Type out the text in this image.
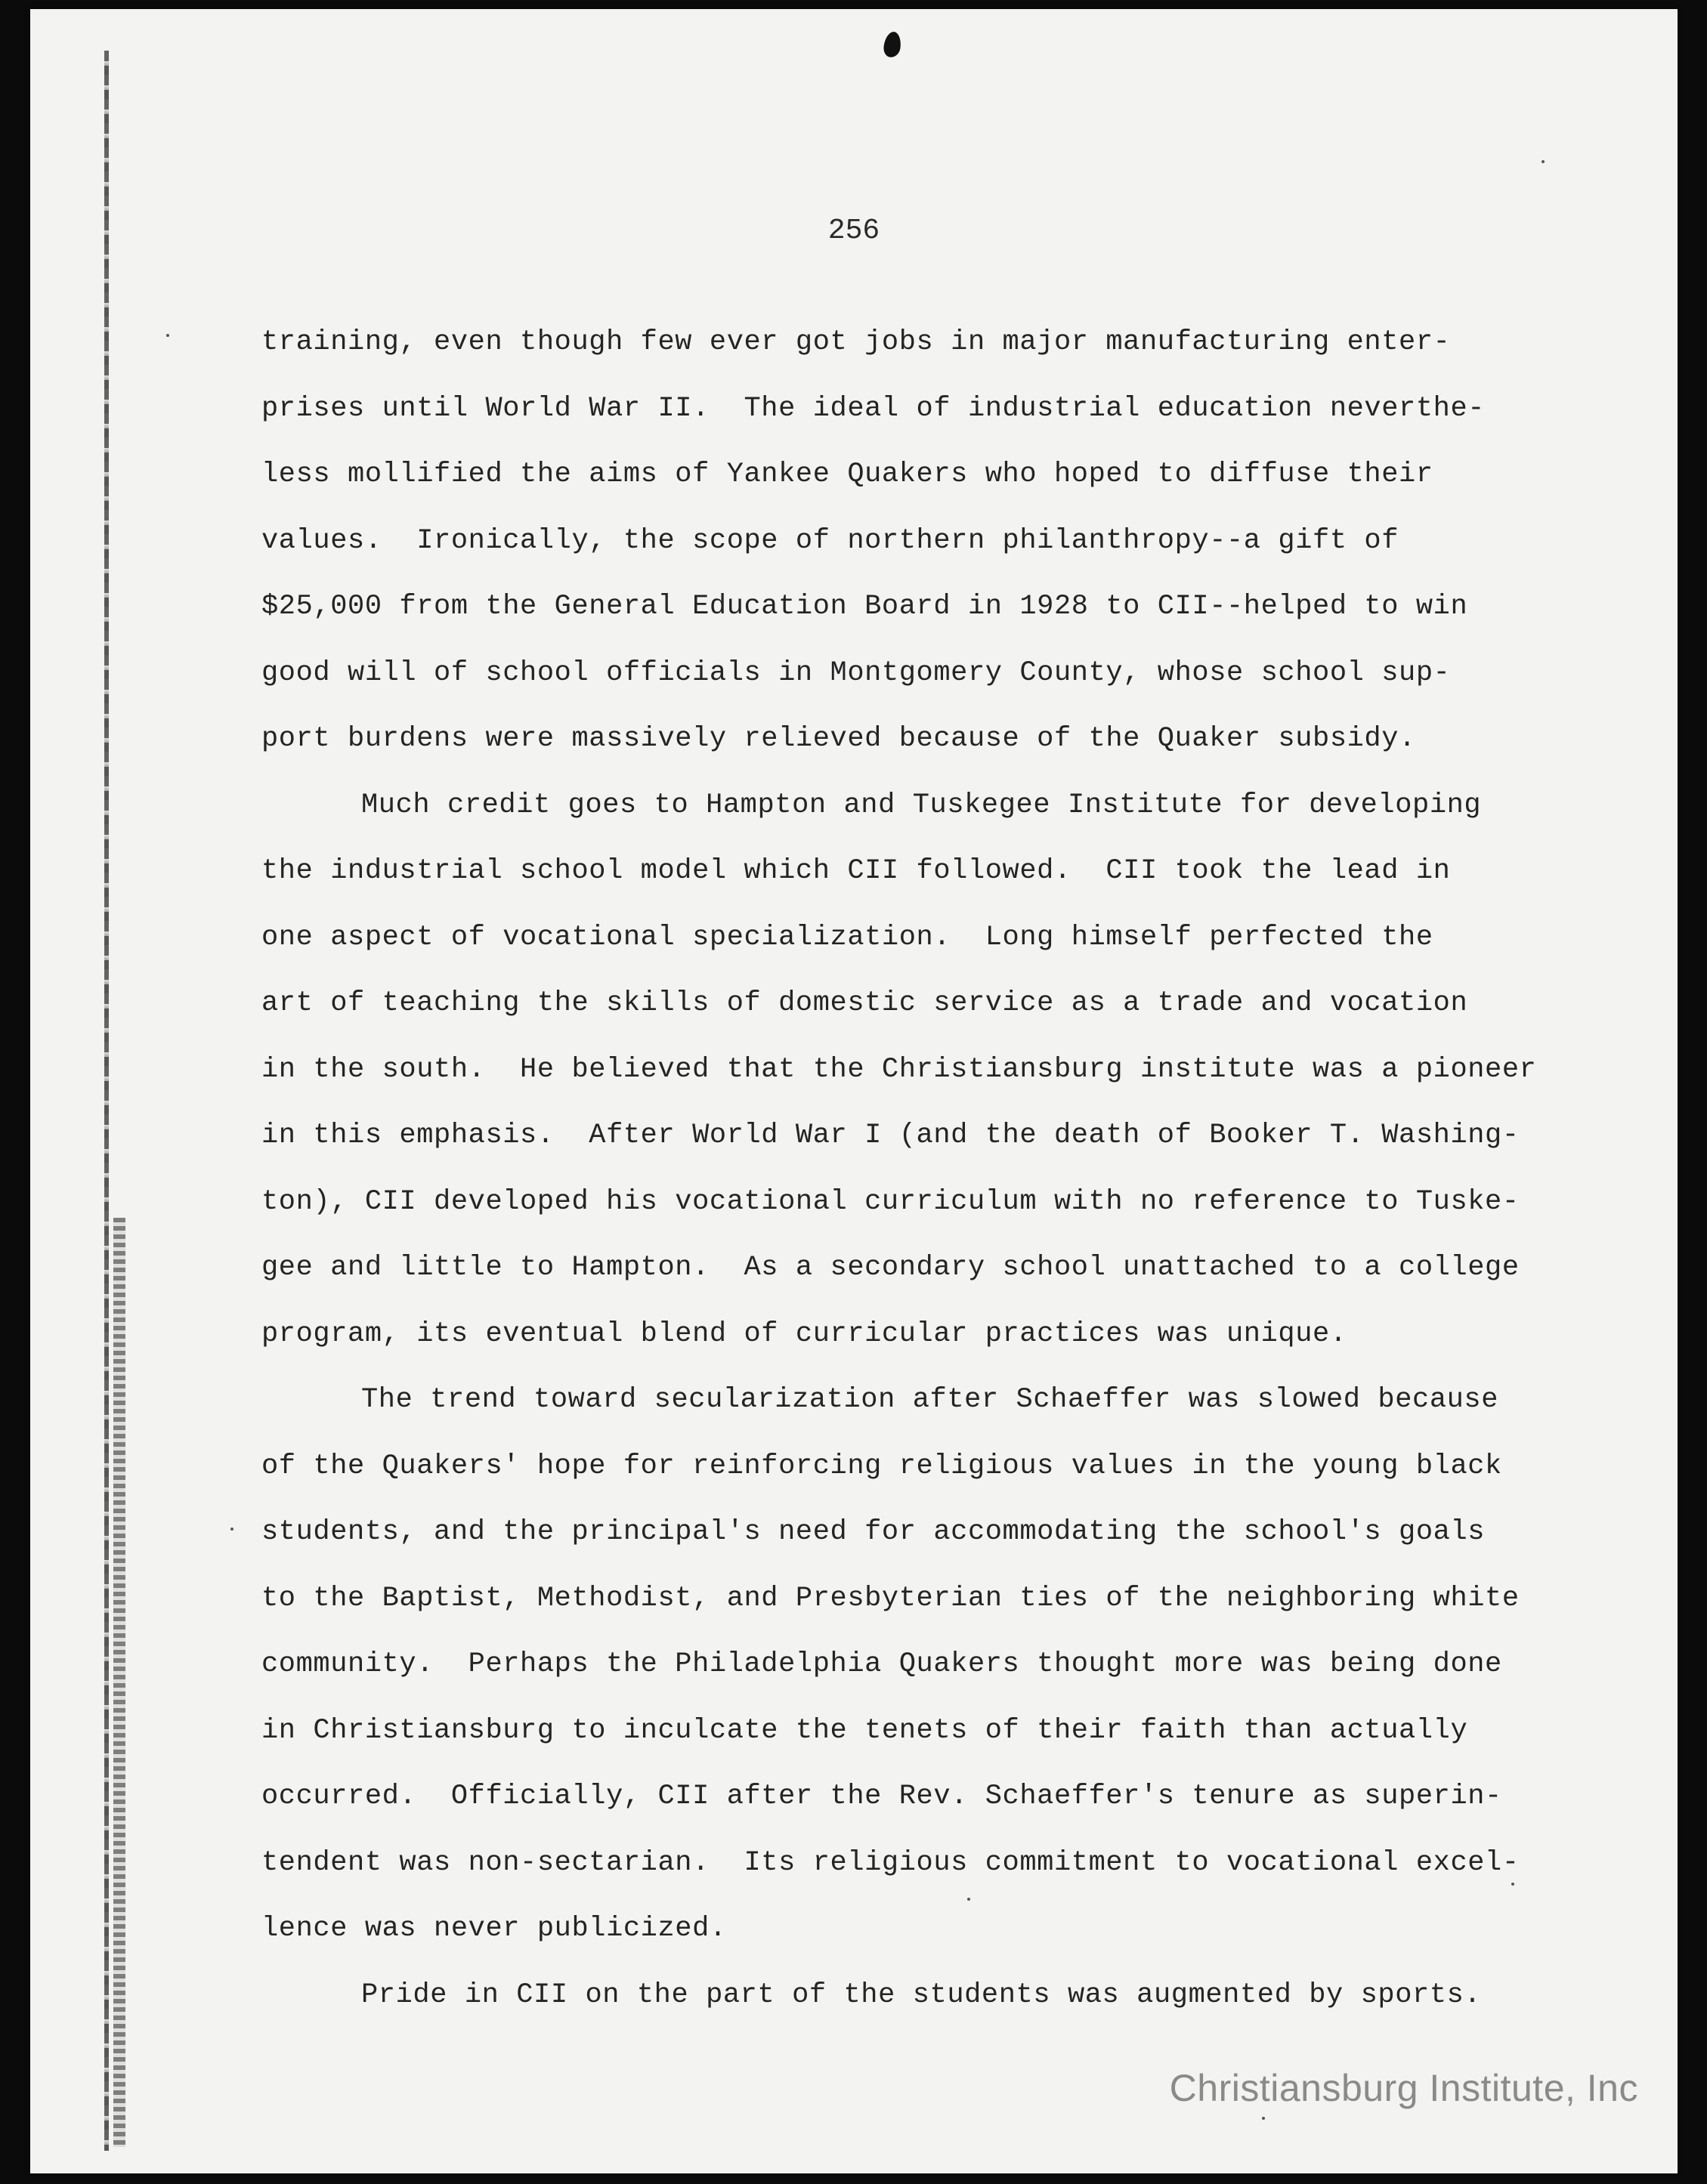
256
training, even though few ever got jobs in major manufacturing enter-
prises until World War II.  The ideal of industrial education neverthe-
less mollified the aims of Yankee Quakers who hoped to diffuse their
values.  Ironically, the scope of northern philanthropy--a gift of
$25,000 from the General Education Board in 1928 to CII--helped to win
good will of school officials in Montgomery County, whose school sup-
port burdens were massively relieved because of the Quaker subsidy.
Much credit goes to Hampton and Tuskegee Institute for developing
the industrial school model which CII followed.  CII took the lead in
one aspect of vocational specialization.  Long himself perfected the
art of teaching the skills of domestic service as a trade and vocation
in the south.  He believed that the Christiansburg institute was a pioneer
in this emphasis.  After World War I (and the death of Booker T. Washing-
ton), CII developed his vocational curriculum with no reference to Tuske-
gee and little to Hampton.  As a secondary school unattached to a college
program, its eventual blend of curricular practices was unique.
The trend toward secularization after Schaeffer was slowed because
of the Quakers' hope for reinforcing religious values in the young black
students, and the principal's need for accommodating the school's goals
to the Baptist, Methodist, and Presbyterian ties of the neighboring white
community.  Perhaps the Philadelphia Quakers thought more was being done
in Christiansburg to inculcate the tenets of their faith than actually
occurred.  Officially, CII after the Rev. Schaeffer's tenure as superin-
tendent was non-sectarian.  Its religious commitment to vocational excel-
lence was never publicized.
Pride in CII on the part of the students was augmented by sports.
Christiansburg Institute, Inc
